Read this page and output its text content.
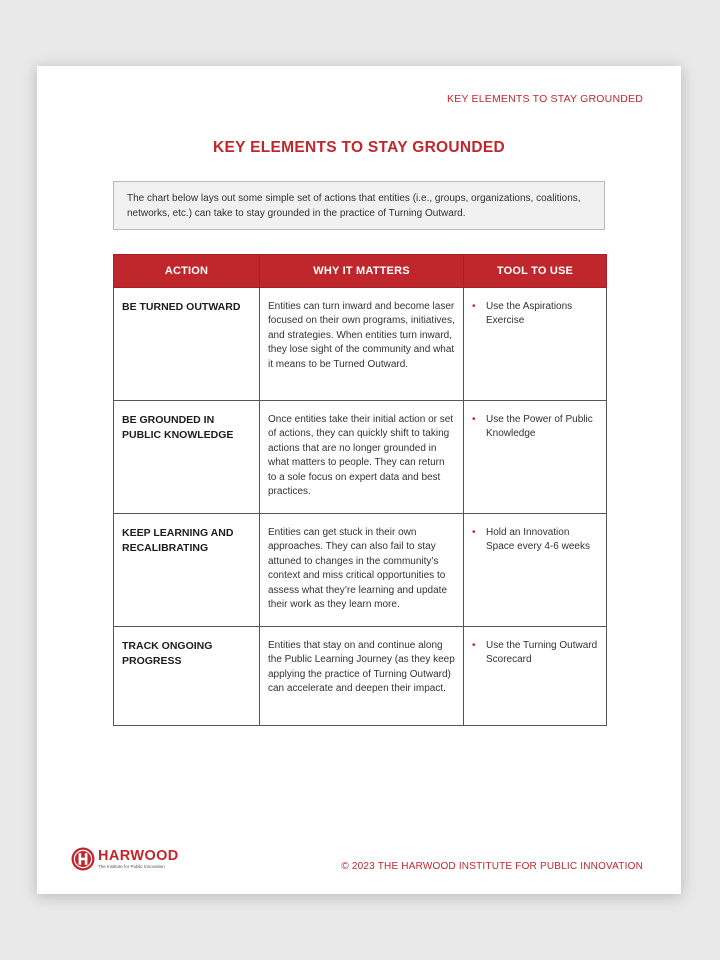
KEY ELEMENTS TO STAY GROUNDED
KEY ELEMENTS TO STAY GROUNDED
The chart below lays out some simple set of actions that entities (i.e., groups, organizations, coalitions, networks, etc.) can take to stay grounded in the practice of Turning Outward.
ACTION	WHY IT MATTERS	TOOL TO USE
BE TURNED OUTWARD	Entities can turn inward and become laser focused on their own programs, initiatives, and strategies. When entities turn inward, they lose sight of the community and what it means to be Turned Outward.	• Use the Aspirations Exercise

BE GROUNDED IN PUBLIC KNOWLEDGE	Once entities take their initial action or set of actions, they can quickly shift to taking actions that are no longer grounded in what matters to people. They can return to a sole focus on expert data and best practices.	• Use the Power of Public Knowledge

KEEP LEARNING AND RECALIBRATING	Entities can get stuck in their own approaches. They can also fail to stay attuned to changes in the community’s context and miss critical opportunities to assess what they’re learning and update their work as they learn more.	• Hold an Innovation Space every 4-6 weeks

TRACK ONGOING PROGRESS	Entities that stay on and continue along the Public Learning Journey (as they keep applying the practice of Turning Outward) can accelerate and deepen their impact.	• Use the Turning Outward Scorecard
HARWOOD
The Institute for Public Innovation	© 2023 THE HARWOOD INSTITUTE FOR PUBLIC INNOVATION
